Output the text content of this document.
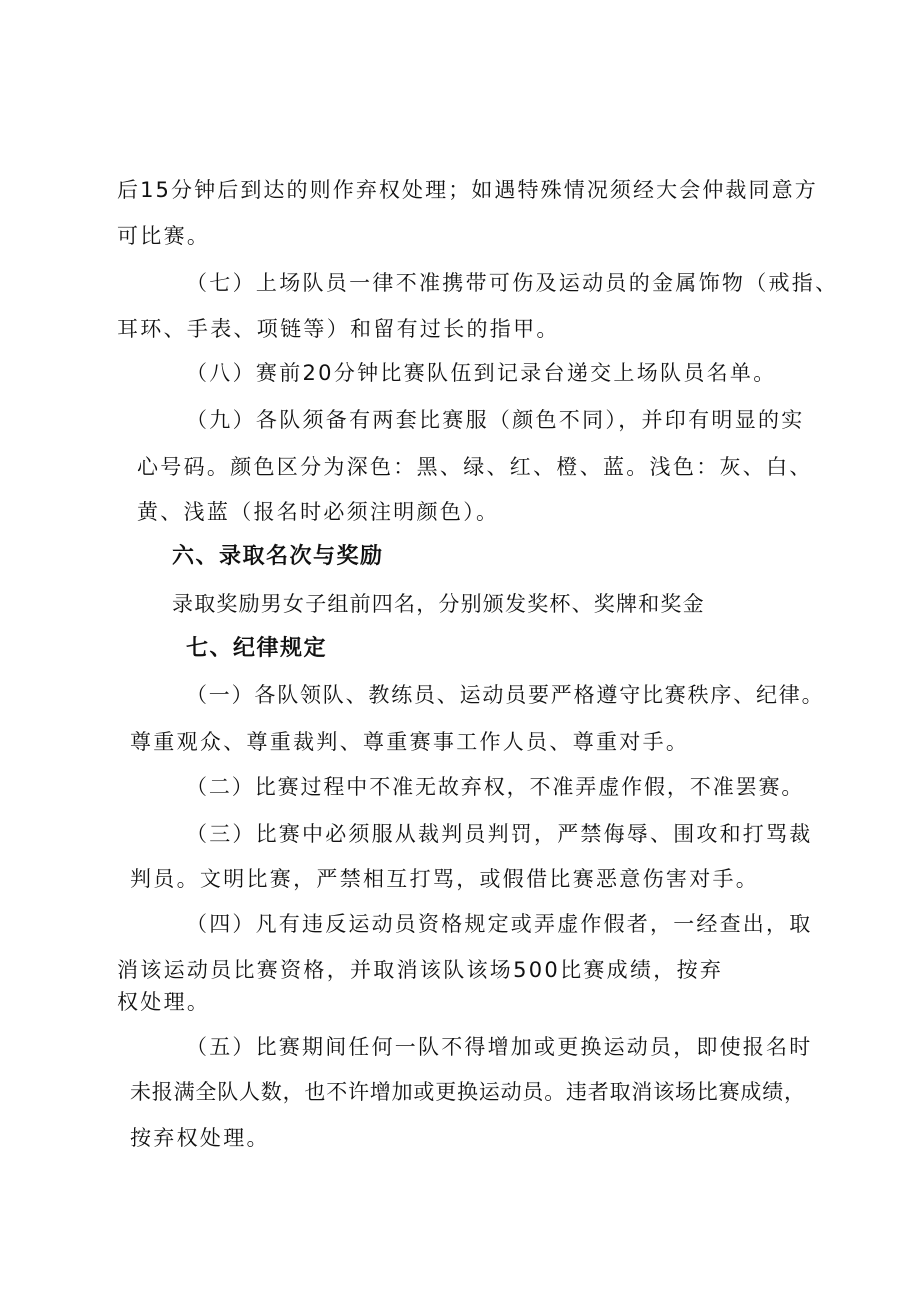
后15分钟后到达的则作弃权处理；如遇特殊情况须经大会仲裁同意方
可比赛。
（七）上场队员一律不准携带可伤及运动员的金属饰物（戒指、
耳环、手表、项链等）和留有过长的指甲。
（八）赛前20分钟比赛队伍到记录台递交上场队员名单。
（九）各队须备有两套比赛服（颜色不同），并印有明显的实
心号码。颜色区分为深色：黑、绿、红、橙、蓝。浅色：灰、白、
黄、浅蓝（报名时必须注明颜色）。
六、录取名次与奖励
录取奖励男女子组前四名，分别颁发奖杯、奖牌和奖金
七、纪律规定
（一）各队领队、教练员、运动员要严格遵守比赛秩序、纪律。
尊重观众、尊重裁判、尊重赛事工作人员、尊重对手。
（二）比赛过程中不准无故弃权，不准弄虚作假，不准罢赛。
（三）比赛中必须服从裁判员判罚，严禁侮辱、围攻和打骂裁
判员。文明比赛，严禁相互打骂，或假借比赛恶意伤害对手。
（四）凡有违反运动员资格规定或弄虚作假者，一经查出，取
消该运动员比赛资格，并取消该队该场500比赛成绩，按弃
权处理。
（五）比赛期间任何一队不得增加或更换运动员，即使报名时
未报满全队人数，也不许增加或更换运动员。违者取消该场比赛成绩，
按弃权处理。
